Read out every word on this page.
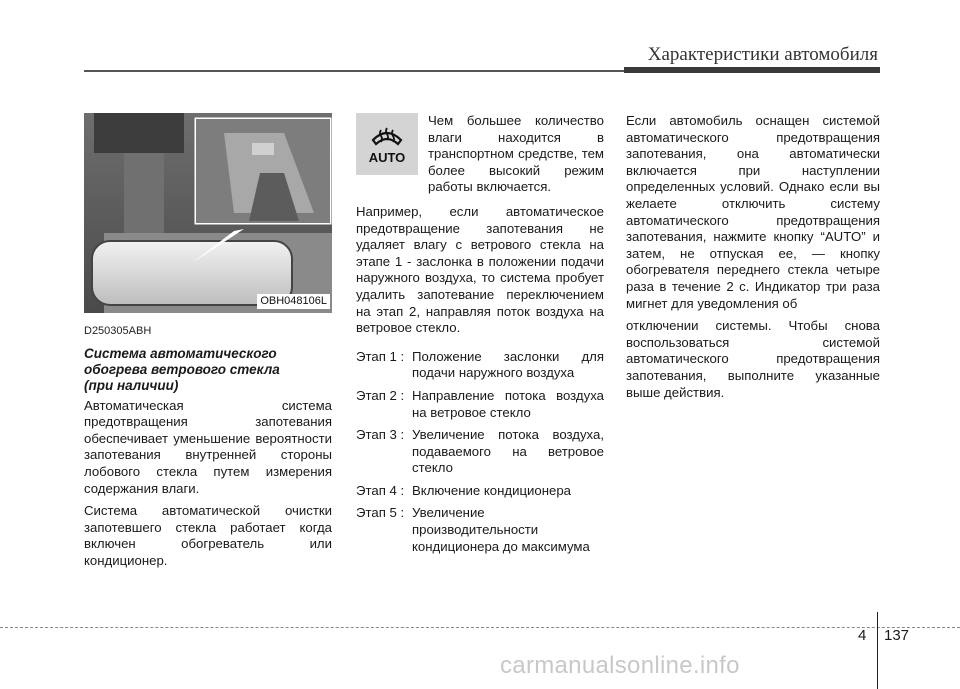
Характеристики автомобиля
OBH048106L

D250305ABH

Система автоматического
обогрева ветрового стекла
(при наличии)

Автоматическая система предотвращения запотевания обеспечивает уменьшение вероятности запотевания внутренней стороны лобового стекла путем измерения содержания влаги.

Система автоматической очистки запотевшего стекла работает когда включен обогреватель или кондиционер.

AUTO
Чем большее количество влаги находится в транспортном средстве, тем более высокий режим работы включается.

Например, если автоматическое предотвращение запотевания не удаляет влагу с ветрового стекла на этапе 1 - заслонка в положении подачи наружного воздуха, то система пробует удалить запотевание переключением на этап 2, направляя поток воздуха на ветровое стекло.

Этап 1 : Положение заслонки для подачи наружного воздуха
Этап 2 : Направление потока воздуха на ветровое стекло
Этап 3 : Увеличение потока воздуха, подаваемого на ветровое стекло
Этап 4 : Включение кондиционера
Этап 5 : Увеличение производительности кондиционера до максимума

Если автомобиль оснащен системой автоматического предотвращения запотевания, она автоматически включается при наступлении определенных условий. Однако если вы желаете отключить систему автоматического предотвращения запотевания, нажмите кнопку “AUTO” и затем, не отпуская ее, — кнопку обогревателя переднего стекла четыре раза в течение 2 с. Индикатор три раза мигнет для уведомления об

отключении системы. Чтобы снова воспользоваться системой автоматического предотвращения запотевания, выполните указанные выше действия.

4 137
carmanualsonline.info
